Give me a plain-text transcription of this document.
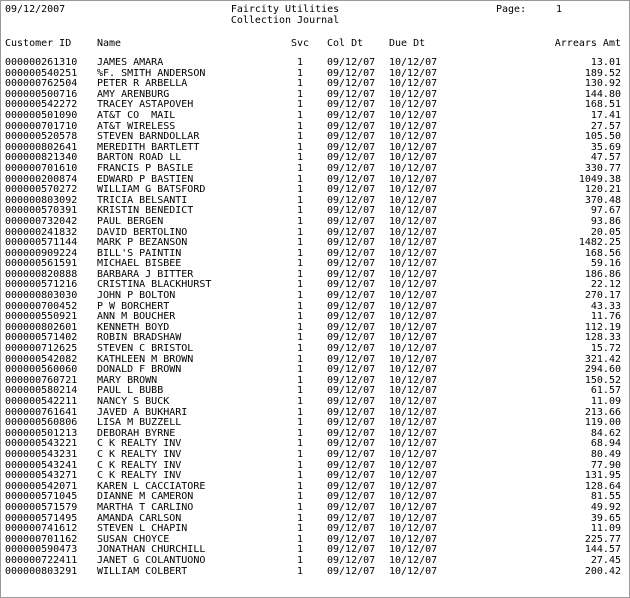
09/12/2007	Faircity Utilities
Collection Journal
Page:	1
Customer ID	Name	Svc Col Dt	Due Dt	Arrears Amt
000000261310 JAMES AMARA	1 09/12/07 10/12/07	13.01
000000540251 %F. SMITH ANDERSON	1 09/12/07 10/12/07	189.52
000000762504 PETER R ARBELLA	1 09/12/07 10/12/07	130.92
000000500716 AMY ARENBURG	1 09/12/07 10/12/07	144.80
000000542272 TRACEY ASTAPOVEH	1 09/12/07 10/12/07	168.51
000000501090 AT&T CO  MAIL	1 09/12/07 10/12/07	17.41
000000701710 AT&T WIRELESS	1 09/12/07 10/12/07	27.57
000000520578 STEVEN BARNDOLLAR	1 09/12/07 10/12/07	105.50
000000802641 MEREDITH BARTLETT	1 09/12/07 10/12/07	35.69
000000821340 BARTON ROAD LL	1 09/12/07 10/12/07	47.57
000000701610 FRANCIS P BASILE	1 09/12/07 10/12/07	330.77
000000200874 EDWARD P BASTIEN	1 09/12/07 10/12/07	1049.38
000000570272 WILLIAM G BATSFORD	1 09/12/07 10/12/07	120.21
000000803092 TRICIA BELSANTI	1 09/12/07 10/12/07	370.48
000000570391 KRISTIN BENEDICT	1 09/12/07 10/12/07	97.67
000000732042 PAUL BERGEN	1 09/12/07 10/12/07	93.86
000000241832 DAVID BERTOLINO	1 09/12/07 10/12/07	20.05
000000571144 MARK P BEZANSON	1 09/12/07 10/12/07	1482.25
000000909224 BILL'S PAINTIN	1 09/12/07 10/12/07	168.56
000000561591 MICHAEL BISBEE	1 09/12/07 10/12/07	59.16
000000820888 BARBARA J BITTER	1 09/12/07 10/12/07	186.86
000000571216 CRISTINA BLACKHURST	1 09/12/07 10/12/07	22.12
000000803030 JOHN P BOLTON	1 09/12/07 10/12/07	270.17
000000700452 P W BORCHERT	1 09/12/07 10/12/07	43.33
000000550921 ANN M BOUCHER	1 09/12/07 10/12/07	11.76
000000802601 KENNETH BOYD	1 09/12/07 10/12/07	112.19
000000571402 ROBIN BRADSHAW	1 09/12/07 10/12/07	128.33
000000712625 STEVEN C BRISTOL	1 09/12/07 10/12/07	15.72
000000542082 KATHLEEN M BROWN	1 09/12/07 10/12/07	321.42
000000560060 DONALD F BROWN	1 09/12/07 10/12/07	294.60
000000760721 MARY BROWN	1 09/12/07 10/12/07	150.52
000000580214 PAUL L BUBB	1 09/12/07 10/12/07	61.57
000000542211 NANCY S BUCK	1 09/12/07 10/12/07	11.09
000000761641 JAVED A BUKHARI	1 09/12/07 10/12/07	213.66
000000560806 LISA M BUZZELL	1 09/12/07 10/12/07	119.00
000000501213 DEBORAH BYRNE	1 09/12/07 10/12/07	84.62
000000543221 C K REALTY INV	1 09/12/07 10/12/07	68.94
000000543231 C K REALTY INV	1 09/12/07 10/12/07	80.49
000000543241 C K REALTY INV	1 09/12/07 10/12/07	77.90
000000543271 C K REALTY INV	1 09/12/07 10/12/07	131.95
000000542071 KAREN L CACCIATORE	1 09/12/07 10/12/07	128.64
000000571045 DIANNE M CAMERON	1 09/12/07 10/12/07	81.55
000000571579 MARTHA T CARLINO	1 09/12/07 10/12/07	49.92
000000571495 AMANDA CARLSON	1 09/12/07 10/12/07	39.65
000000741612 STEVEN L CHAPIN	1 09/12/07 10/12/07	11.09
000000701162 SUSAN CHOYCE	1 09/12/07 10/12/07	225.77
000000590473 JONATHAN CHURCHILL	1 09/12/07 10/12/07	144.57
000000722411 JANET G COLANTUONO	1 09/12/07 10/12/07	27.45
000000803291 WILLIAM COLBERT	1 09/12/07 10/12/07	200.42
